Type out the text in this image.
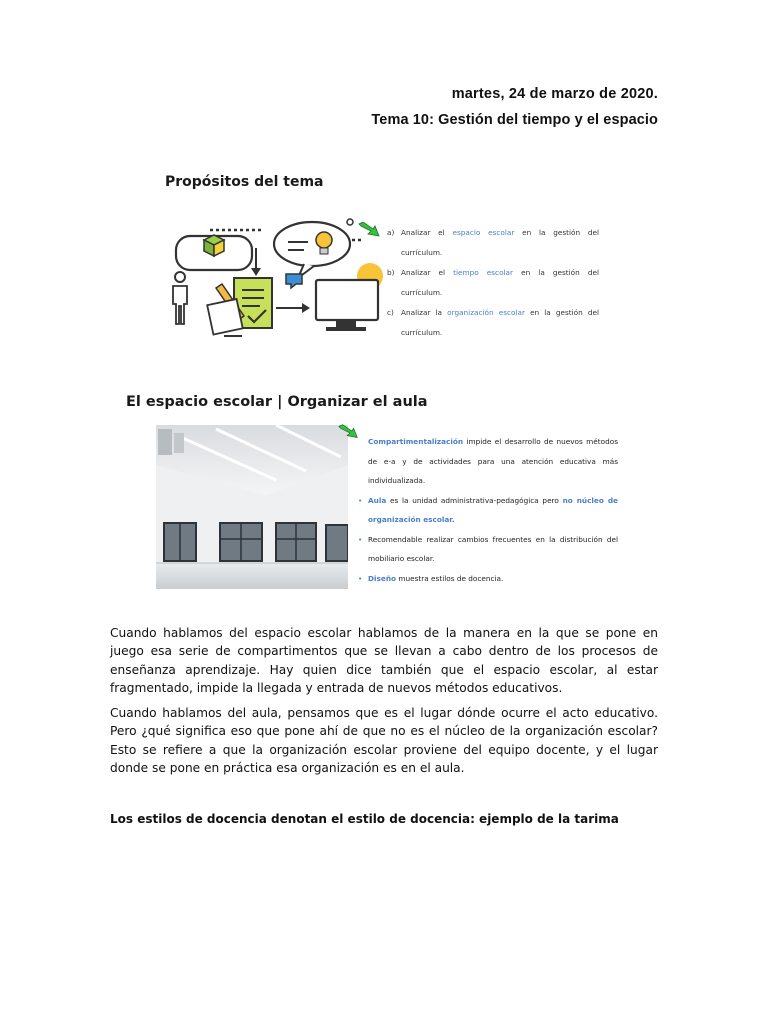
martes, 24 de marzo de 2020.
Tema 10: Gestión del tiempo y el espacio
Propósitos del tema
a) Analizar el espacio escolar en la gestión del currículum.
b) Analizar el tiempo escolar en la gestión del currículum.
c) Analizar la organización escolar en la gestión del currículum.
El espacio escolar | Organizar el aula
Compartimentalización impide el desarrollo de nuevos métodos de e-a y de actividades para una atención educativa más individualizada.
• Aula es la unidad administrativa-pedagógica pero no núcleo de organización escolar.
• Recomendable realizar cambios frecuentes en la distribución del mobiliario escolar.
• Diseño muestra estilos de docencia.
Cuando hablamos del espacio escolar hablamos de la manera en la que se pone en juego esa serie de compartimentos que se llevan a cabo dentro de los procesos de enseñanza aprendizaje. Hay quien dice también que el espacio escolar, al estar fragmentado, impide la llegada y entrada de nuevos métodos educativos.
Cuando hablamos del aula, pensamos que es el lugar dónde ocurre el acto educativo. Pero ¿qué significa eso que pone ahí de que no es el núcleo de la organización escolar? Esto se refiere a que la organización escolar proviene del equipo docente, y el lugar donde se pone en práctica esa organización es en el aula.
Los estilos de docencia denotan el estilo de docencia: ejemplo de la tarima
